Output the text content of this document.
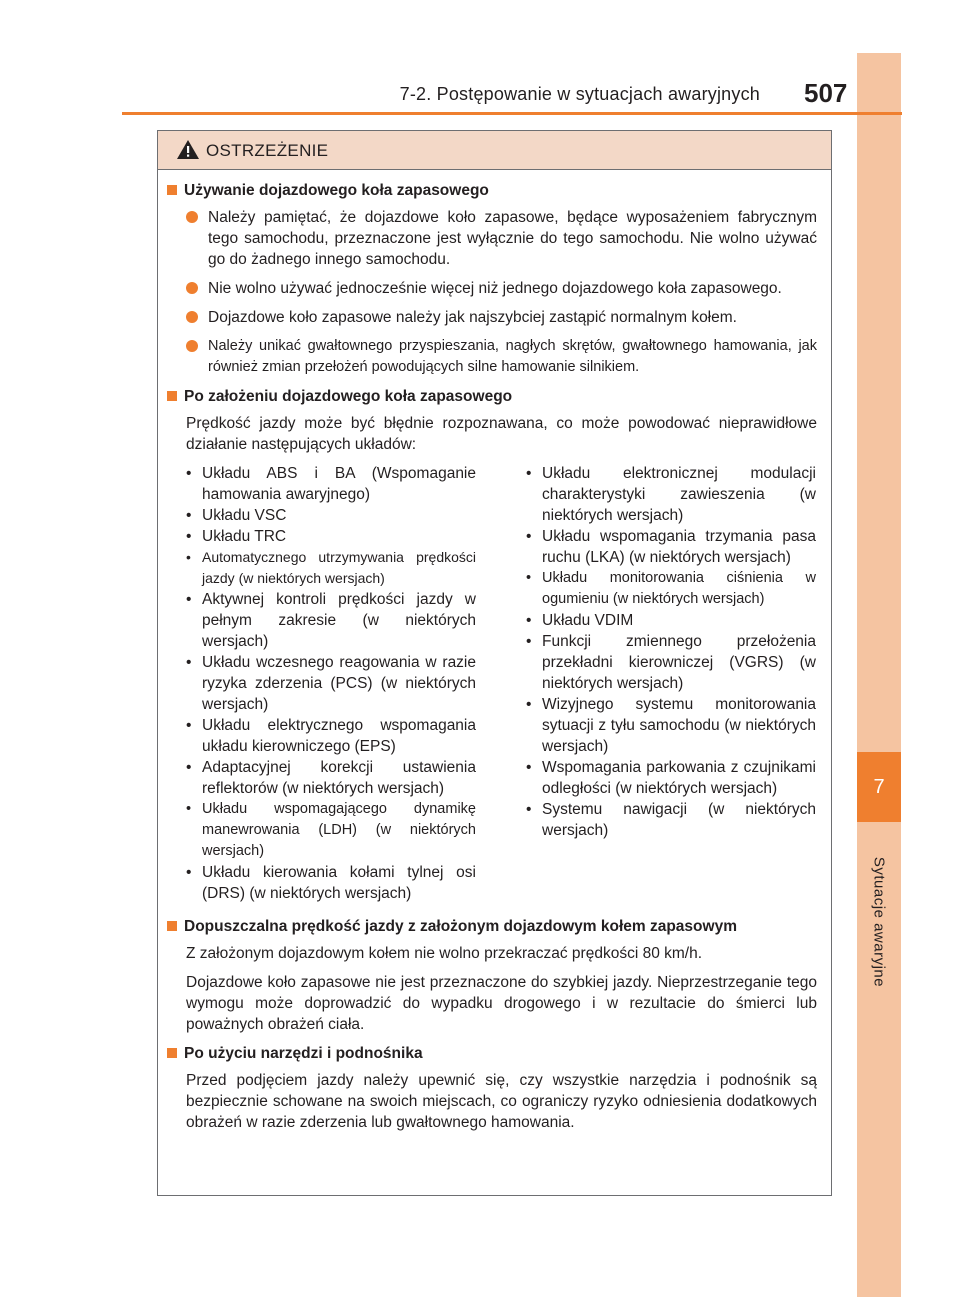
7
Sytuacje awaryjne
7-2. Postępowanie w sytuacjach awaryjnych 507
OSTRZEŻENIE
Używanie dojazdowego koła zapasowego
Należy pamiętać, że dojazdowe koło zapasowe, będące wyposażeniem fabrycznym tego samochodu, przeznaczone jest wyłącznie do tego samochodu. Nie wolno używać go do żadnego innego samochodu.
Nie wolno używać jednocześnie więcej niż jednego dojazdowego koła zapasowego.
Dojazdowe koło zapasowe należy jak najszybciej zastąpić normalnym kołem.
Należy unikać gwałtownego przyspieszania, nagłych skrętów, gwałtownego hamowania, jak również zmian przełożeń powodujących silne hamowanie silnikiem.
Po założeniu dojazdowego koła zapasowego
Prędkość jazdy może być błędnie rozpoznawana, co może powodować nieprawidłowe działanie następujących układów:
• Układu ABS i BA (Wspomaganie hamowania awaryjnego)
• Układu VSC
• Układu TRC
• Automatycznego utrzymywania prędkości jazdy (w niektórych wersjach)
• Aktywnej kontroli prędkości jazdy w pełnym zakresie (w niektórych wersjach)
• Układu wczesnego reagowania w razie ryzyka zderzenia (PCS) (w niektórych wersjach)
• Układu elektrycznego wspomagania układu kierowniczego (EPS)
• Adaptacyjnej korekcji ustawienia reflektorów (w niektórych wersjach)
• Układu wspomagającego dynamikę manewrowania (LDH) (w niektórych wersjach)
• Układu kierowania kołami tylnej osi (DRS) (w niektórych wersjach)
• Układu elektronicznej modulacji charakterystyki zawieszenia (w niektórych wersjach)
• Układu wspomagania trzymania pasa ruchu (LKA) (w niektórych wersjach)
• Układu monitorowania ciśnienia w ogumieniu (w niektórych wersjach)
• Układu VDIM
• Funkcji zmiennego przełożenia przekładni kierowniczej (VGRS) (w niektórych wersjach)
• Wizyjnego systemu monitorowania sytuacji z tyłu samochodu (w niektórych wersjach)
• Wspomagania parkowania z czujnikami odległości (w niektórych wersjach)
• Systemu nawigacji (w niektórych wersjach)
Dopuszczalna prędkość jazdy z założonym dojazdowym kołem zapasowym
Z założonym dojazdowym kołem nie wolno przekraczać prędkości 80 km/h.
Dojazdowe koło zapasowe nie jest przeznaczone do szybkiej jazdy. Nieprzestrzeganie tego wymogu może doprowadzić do wypadku drogowego i w rezultacie do śmierci lub poważnych obrażeń ciała.
Po użyciu narzędzi i podnośnika
Przed podjęciem jazdy należy upewnić się, czy wszystkie narzędzia i podnośnik są bezpiecznie schowane na swoich miejscach, co ograniczy ryzyko odniesienia dodatkowych obrażeń w razie zderzenia lub gwałtownego hamowania.
